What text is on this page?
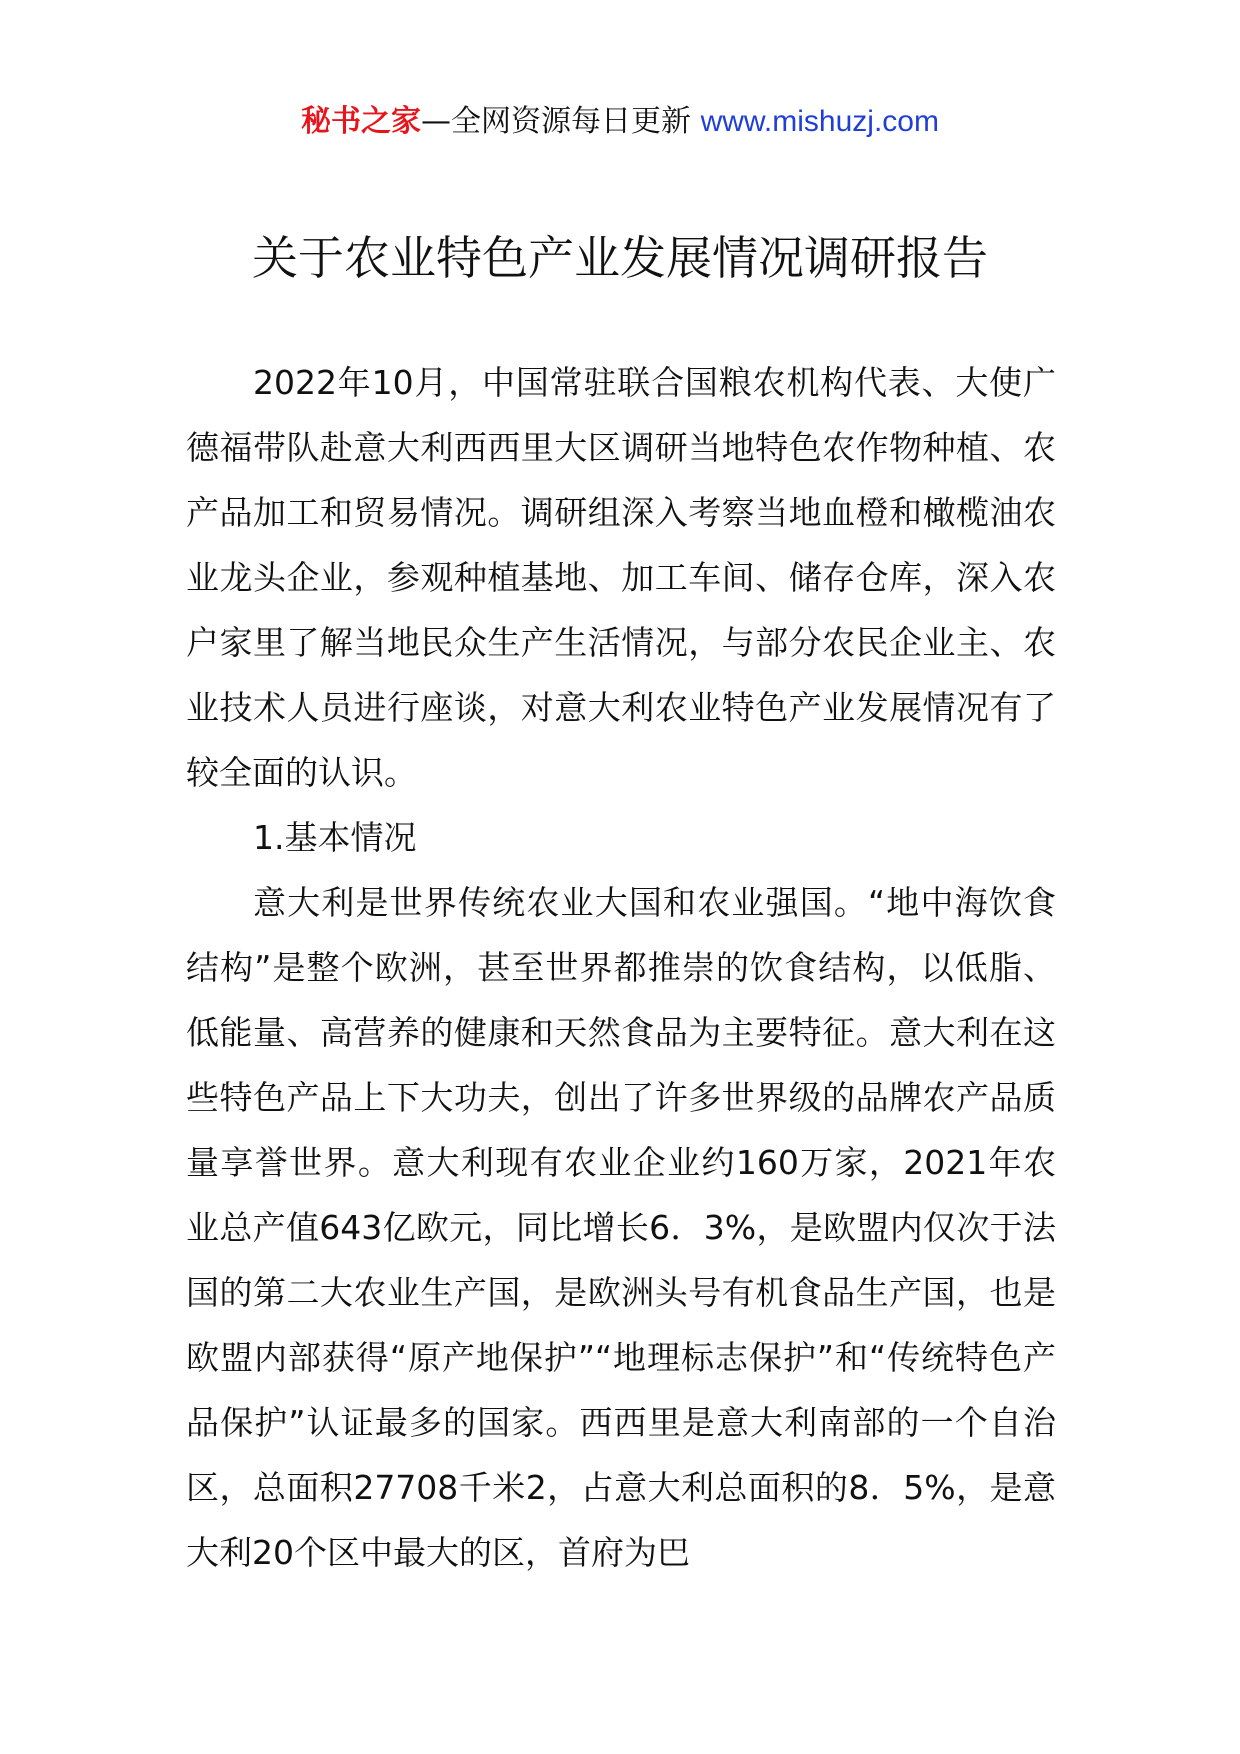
秘书之家—全网资源每日更新 www.mishuzj.com
关于农业特色产业发展情况调研报告

2022年10月，中国常驻联合国粮农机构代表、大使广德福带队赴意大利西西里大区调研当地特色农作物种植、农产品加工和贸易情况。调研组深入考察当地血橙和橄榄油农业龙头企业，参观种植基地、加工车间、储存仓库，深入农户家里了解当地民众生产生活情况，与部分农民企业主、农业技术人员进行座谈，对意大利农业特色产业发展情况有了较全面的认识。

1.基本情况

意大利是世界传统农业大国和农业强国。“地中海饮食结构”是整个欧洲，甚至世界都推崇的饮食结构，以低脂、低能量、高营养的健康和天然食品为主要特征。意大利在这些特色产品上下大功夫，创出了许多世界级的品牌农产品质量享誉世界。意大利现有农业企业约160万家，2021年农业总产值643亿欧元，同比增长6．3%，是欧盟内仅次于法国的第二大农业生产国，是欧洲头号有机食品生产国，也是欧盟内部获得“原产地保护”“地理标志保护”和“传统特色产品保护”认证最多的国家。西西里是意大利南部的一个自治区，总面积27708千米2，占意大利总面积的8．5%，是意大利20个区中最大的区，首府为巴
